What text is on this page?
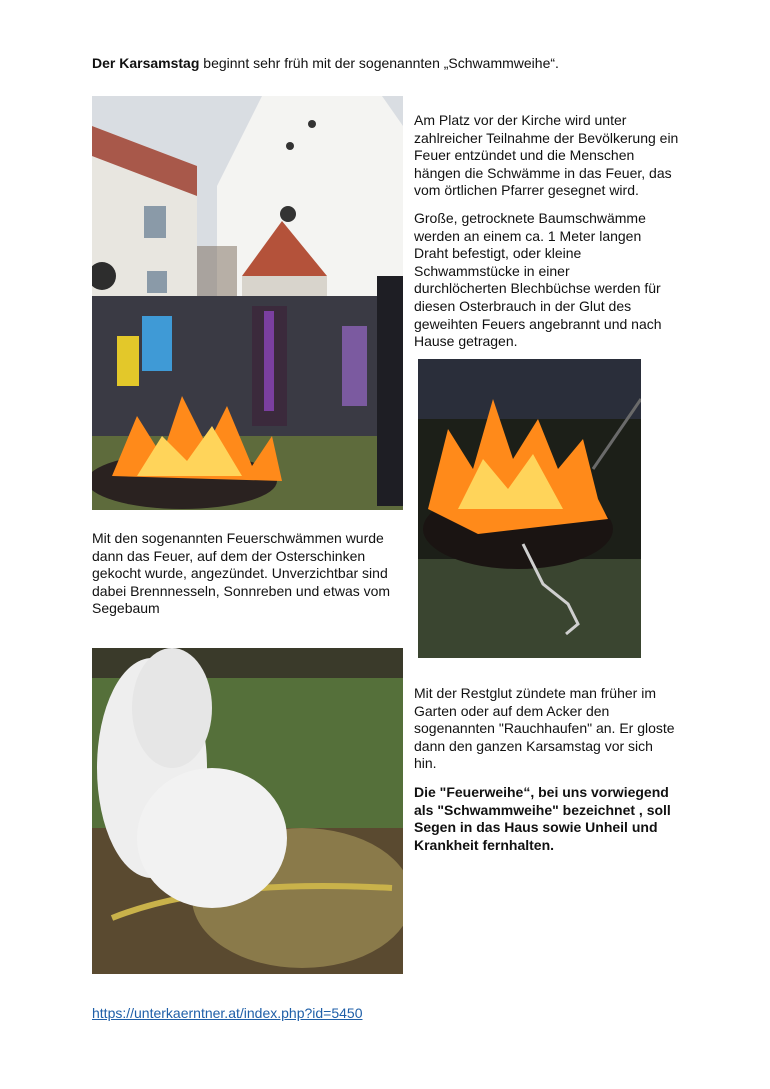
Der Karsamstag beginnt sehr früh mit der sogenannten „Schwammweihe“.

Am Platz vor der Kirche wird unter zahlreicher Teilnahme der Bevölkerung ein Feuer entzündet und die Menschen hängen die Schwämme in das Feuer, das vom örtlichen Pfarrer gesegnet wird.

Große, getrocknete Baumschwämme werden an einem ca. 1 Meter langen Draht befestigt, oder kleine Schwammstücke in einer durchlöcherten Blechbüchse werden für diesen Osterbrauch in der Glut des geweihten Feuers angebrannt und nach Hause getragen.

Mit den sogenannten Feuerschwämmen wurde dann das Feuer, auf dem der Osterschinken gekocht wurde, angezündet. Unverzichtbar sind dabei Brennnesseln, Sonnreben und etwas vom Segebaum

Mit der Restglut zündete man früher im Garten oder auf dem Acker den sogenannten "Rauchhaufen" an. Er gloste dann den ganzen Karsamstag vor sich hin.

Die "Feuerweihe“, bei uns vorwiegend als "Schwammweihe" bezeichnet , soll Segen in das Haus sowie Unheil und Krankheit fernhalten.

https://unterkaerntner.at/index.php?id=5450
